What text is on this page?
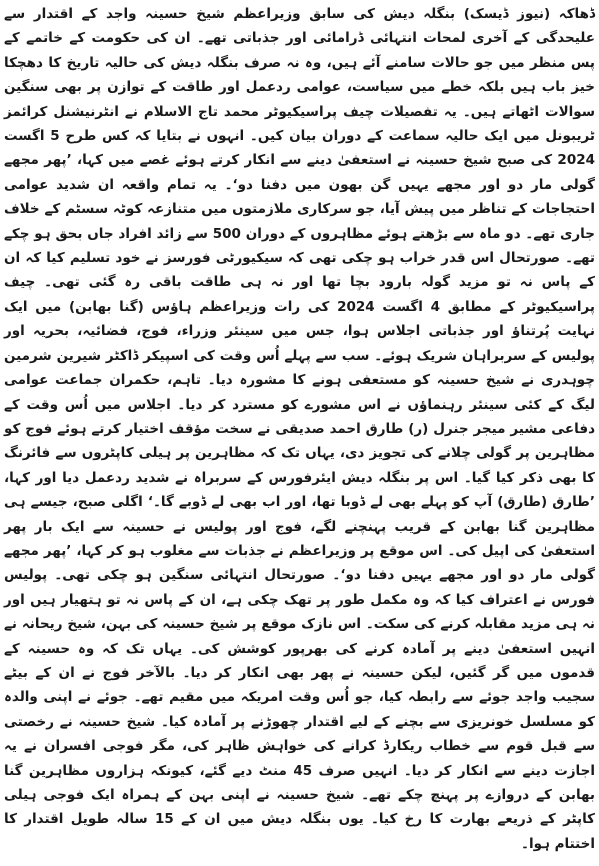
ڈھاکہ (نیوز ڈیسک) بنگلہ دیش کی سابق وزیراعظم شیخ حسینہ واجد کے اقتدار سے علیحدگی کے آخری لمحات انتہائی ڈرامائی اور جذباتی تھے۔ ان کی حکومت کے خاتمے کے پس منظر میں جو حالات سامنے آئے ہیں، وہ نہ صرف بنگلہ دیش کی حالیہ تاریخ کا دھچکا خیز باب ہیں بلکہ خطے میں سیاست، عوامی ردعمل اور طاقت کے توازن پر بھی سنگین سوالات اٹھاتے ہیں۔ یہ تفصیلات چیف پراسیکیوٹر محمد تاج الاسلام نے انٹرنیشنل کرائمز ٹریبونل میں ایک حالیہ سماعت کے دوران بیان کیں۔ انہوں نے بتایا کہ کس طرح 5 اگست 2024 کی صبح شیخ حسینہ نے استعفیٰ دینے سے انکار کرتے ہوئے غصے میں کہا، ’پھر مجھے گولی مار دو اور مجھے یہیں گن بھون میں دفنا دو‘۔ یہ تمام واقعہ ان شدید عوامی احتجاجات کے تناظر میں پیش آیا، جو سرکاری ملازمتوں میں متنازعہ کوٹہ سسٹم کے خلاف جاری تھے۔ دو ماہ سے بڑھتے ہوئے مظاہروں کے دوران 500 سے زائد افراد جاں بحق ہو چکے تھے۔ صورتحال اس قدر خراب ہو چکی تھی کہ سیکیورٹی فورسز نے خود تسلیم کیا کہ ان کے پاس نہ تو مزید گولہ بارود بچا تھا اور نہ ہی طاقت باقی رہ گئی تھی۔ چیف پراسیکیوٹر کے مطابق 4 اگست 2024 کی رات وزیراعظم ہاؤس (گنا بھابن) میں ایک نہایت پُرتناؤ اور جذباتی اجلاس ہوا، جس میں سینئر وزراء، فوج، فضائیہ، بحریہ اور پولیس کے سربراہان شریک ہوئے۔ سب سے پہلے اُس وقت کی اسپیکر ڈاکٹر شیرین شرمین چوہدری نے شیخ حسینہ کو مستعفی ہونے کا مشورہ دیا۔ تاہم، حکمران جماعت عوامی لیگ کے کئی سینئر رہنماؤں نے اس مشورے کو مسترد کر دیا۔ اجلاس میں اُس وقت کے دفاعی مشیر میجر جنرل (ر) طارق احمد صدیقی نے سخت مؤقف اختیار کرتے ہوئے فوج کو مظاہرین پر گولی چلانے کی تجویز دی، یہاں تک کہ مظاہرین پر ہیلی کاپٹروں سے فائرنگ کا بھی ذکر کیا گیا۔ اس پر بنگلہ دیش ایئرفورس کے سربراہ نے شدید ردعمل دیا اور کہا، ’طارق (طارق) آپ کو پہلے بھی لے ڈوبا تھا، اور اب بھی لے ڈوبے گا۔‘ اگلی صبح، جیسے ہی مظاہرین گنا بھابن کے قریب پہنچنے لگے، فوج اور پولیس نے حسینہ سے ایک بار پھر استعفیٰ کی اپیل کی۔ اس موقع پر وزیراعظم نے جذبات سے مغلوب ہو کر کہا، ’پھر مجھے گولی مار دو اور مجھے یہیں دفنا دو‘۔ صورتحال انتہائی سنگین ہو چکی تھی۔ پولیس فورس نے اعتراف کیا کہ وہ مکمل طور پر تھک چکی ہے، ان کے پاس نہ تو ہتھیار ہیں اور نہ ہی مزید مقابلہ کرنے کی سکت۔ اس نازک موقع پر شیخ حسینہ کی بہن، شیخ ریحانہ نے انہیں استعفیٰ دینے پر آمادہ کرنے کی بھرپور کوشش کی۔ یہاں تک کہ وہ حسینہ کے قدموں میں گر گئیں، لیکن حسینہ نے پھر بھی انکار کر دیا۔ بالآخر فوج نے ان کے بیٹے سجیب واجد جوئے سے رابطہ کیا، جو اُس وقت امریکہ میں مقیم تھے۔ جوئے نے اپنی والدہ کو مسلسل خونریزی سے بچنے کے لیے اقتدار چھوڑنے پر آمادہ کیا۔ شیخ حسینہ نے رخصتی سے قبل قوم سے خطاب ریکارڈ کرانے کی خواہش ظاہر کی، مگر فوجی افسران نے یہ اجازت دینے سے انکار کر دیا۔ انہیں صرف 45 منٹ دیے گئے، کیونکہ ہزاروں مظاہرین گنا بھابن کے دروازے پر پہنچ چکے تھے۔ شیخ حسینہ نے اپنی بہن کے ہمراہ ایک فوجی ہیلی کاپٹر کے ذریعے بھارت کا رخ کیا۔ یوں بنگلہ دیش میں ان کے 15 سالہ طویل اقتدار کا اختتام ہوا۔
